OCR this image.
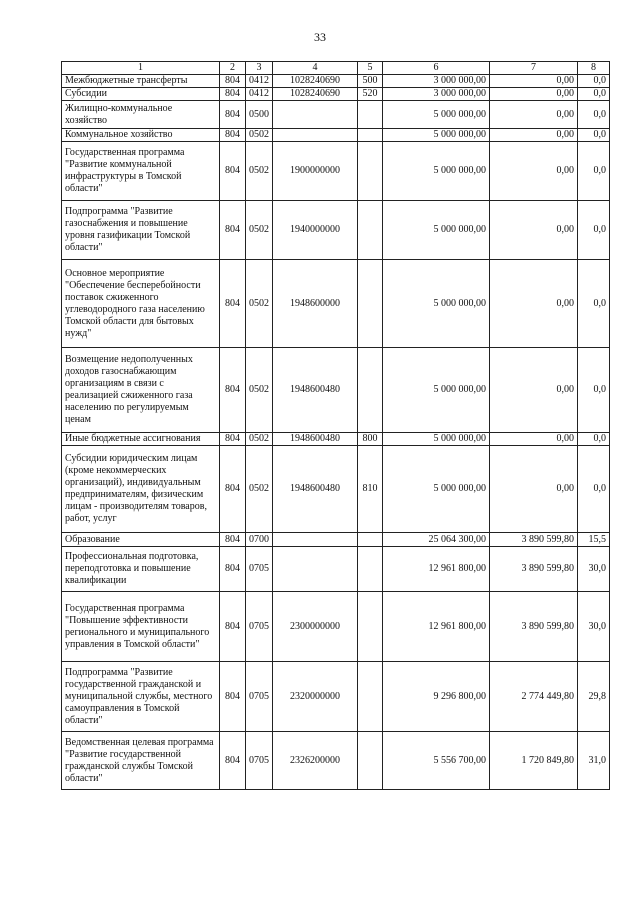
33
1	2	3	4	5	6	7	8
Межбюджетные трансферты	804	0412	1028240690	500	3 000 000,00	0,00	0,0
Субсидии	804	0412	1028240690	520	3 000 000,00	0,00	0,0
Жилищно-коммунальное хозяйство	804	0500			5 000 000,00	0,00	0,0
Коммунальное хозяйство	804	0502			5 000 000,00	0,00	0,0
Государственная программа "Развитие коммунальной инфраструктуры в Томской области"	804	0502	1900000000		5 000 000,00	0,00	0,0
Подпрограмма "Развитие газоснабжения и повышение уровня газификации Томской области"	804	0502	1940000000		5 000 000,00	0,00	0,0
Основное мероприятие "Обеспечение бесперебойности поставок сжиженного углеводородного газа населению Томской области для бытовых нужд"	804	0502	1948600000		5 000 000,00	0,00	0,0
Возмещение недополученных доходов газоснабжающим организациям в связи с реализацией сжиженного газа населению по регулируемым ценам	804	0502	1948600480		5 000 000,00	0,00	0,0
Иные бюджетные ассигнования	804	0502	1948600480	800	5 000 000,00	0,00	0,0
Субсидии юридическим лицам (кроме некоммерческих организаций), индивидуальным предпринимателям, физическим лицам - производителям товаров, работ, услуг	804	0502	1948600480	810	5 000 000,00	0,00	0,0
Образование	804	0700			25 064 300,00	3 890 599,80	15,5
Профессиональная подготовка, переподготовка и повышение квалификации	804	0705			12 961 800,00	3 890 599,80	30,0
Государственная программа "Повышение эффективности регионального и муниципального управления в Томской области"	804	0705	2300000000		12 961 800,00	3 890 599,80	30,0
Подпрограмма "Развитие государственной гражданской и муниципальной службы, местного самоуправления в Томской области"	804	0705	2320000000		9 296 800,00	2 774 449,80	29,8
Ведомственная целевая программа "Развитие государственной гражданской службы Томской области"	804	0705	2326200000		5 556 700,00	1 720 849,80	31,0
